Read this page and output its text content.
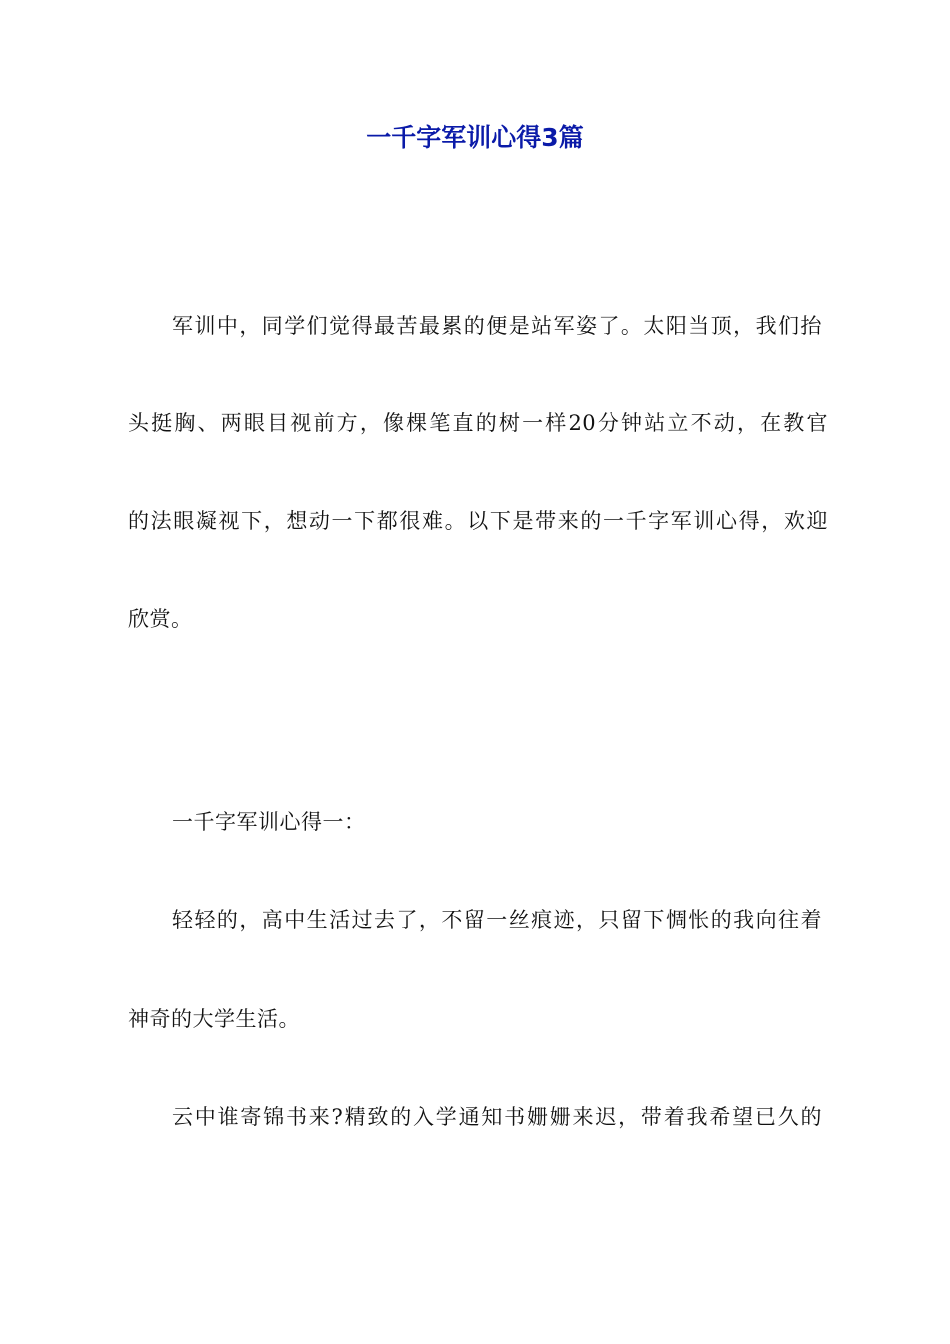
一千字军训心得3篇
军训中，同学们觉得最苦最累的便是站军姿了。太阳当顶，我们抬
头挺胸、两眼目视前方，像棵笔直的树一样20分钟站立不动，在教官
的法眼凝视下，想动一下都很难。以下是带来的一千字军训心得，欢迎
欣赏。
一千字军训心得一：
轻轻的，高中生活过去了，不留一丝痕迹，只留下惆怅的我向往着
神奇的大学生活。
云中谁寄锦书来?精致的入学通知书姗姗来迟，带着我希望已久的
